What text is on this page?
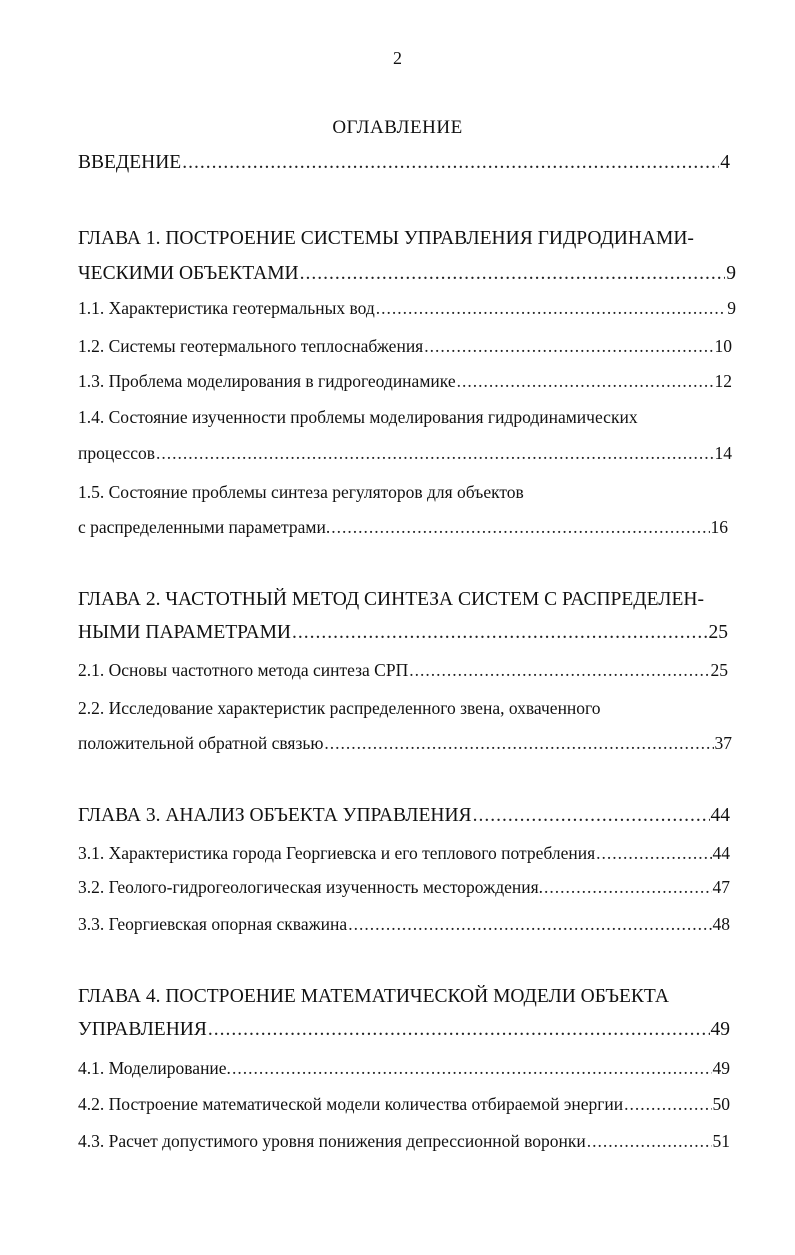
2
ОГЛАВЛЕНИЕ
ВВЕДЕНИЕ .....	4
ГЛАВА 1. ПОСТРОЕНИЕ СИСТЕМЫ УПРАВЛЕНИЯ ГИДРОДИНАМИ-
ЧЕСКИМИ ОБЪЕКТАМИ .....	9
1.1. Характеристика геотермальных вод .....	9
1.2. Системы геотермального теплоснабжения .....	10
1.3. Проблема моделирования в гидрогеодинамике .....	12
1.4. Состояние изученности проблемы моделирования гидродинамических
процессов .....	14
1.5. Состояние проблемы синтеза регуляторов для объектов
с распределенными параметрами. .....	16
ГЛАВА 2. ЧАСТОТНЫЙ МЕТОД СИНТЕЗА СИСТЕМ С РАСПРЕДЕЛЕН-
НЫМИ ПАРАМЕТРАМИ .....	25
2.1. Основы частотного метода синтеза СРП .....	25
2.2. Исследование характеристик распределенного звена, охваченного
положительной обратной связью .....	37
ГЛАВА 3. АНАЛИЗ ОБЪЕКТА УПРАВЛЕНИЯ .....	44
3.1. Характеристика города Георгиевска и его теплового потребления .....	44
3.2. Геолого-гидрогеологическая изученность месторождения. .....	47
3.3. Георгиевская опорная скважина .....	48
ГЛАВА 4. ПОСТРОЕНИЕ МАТЕМАТИЧЕСКОЙ МОДЕЛИ ОБЪЕКТА
УПРАВЛЕНИЯ .....	49
4.1. Моделирование. .....	49
4.2. Построение математической модели количества отбираемой энергии .....	50
4.3. Расчет допустимого уровня понижения депрессионной воронки .....	51
